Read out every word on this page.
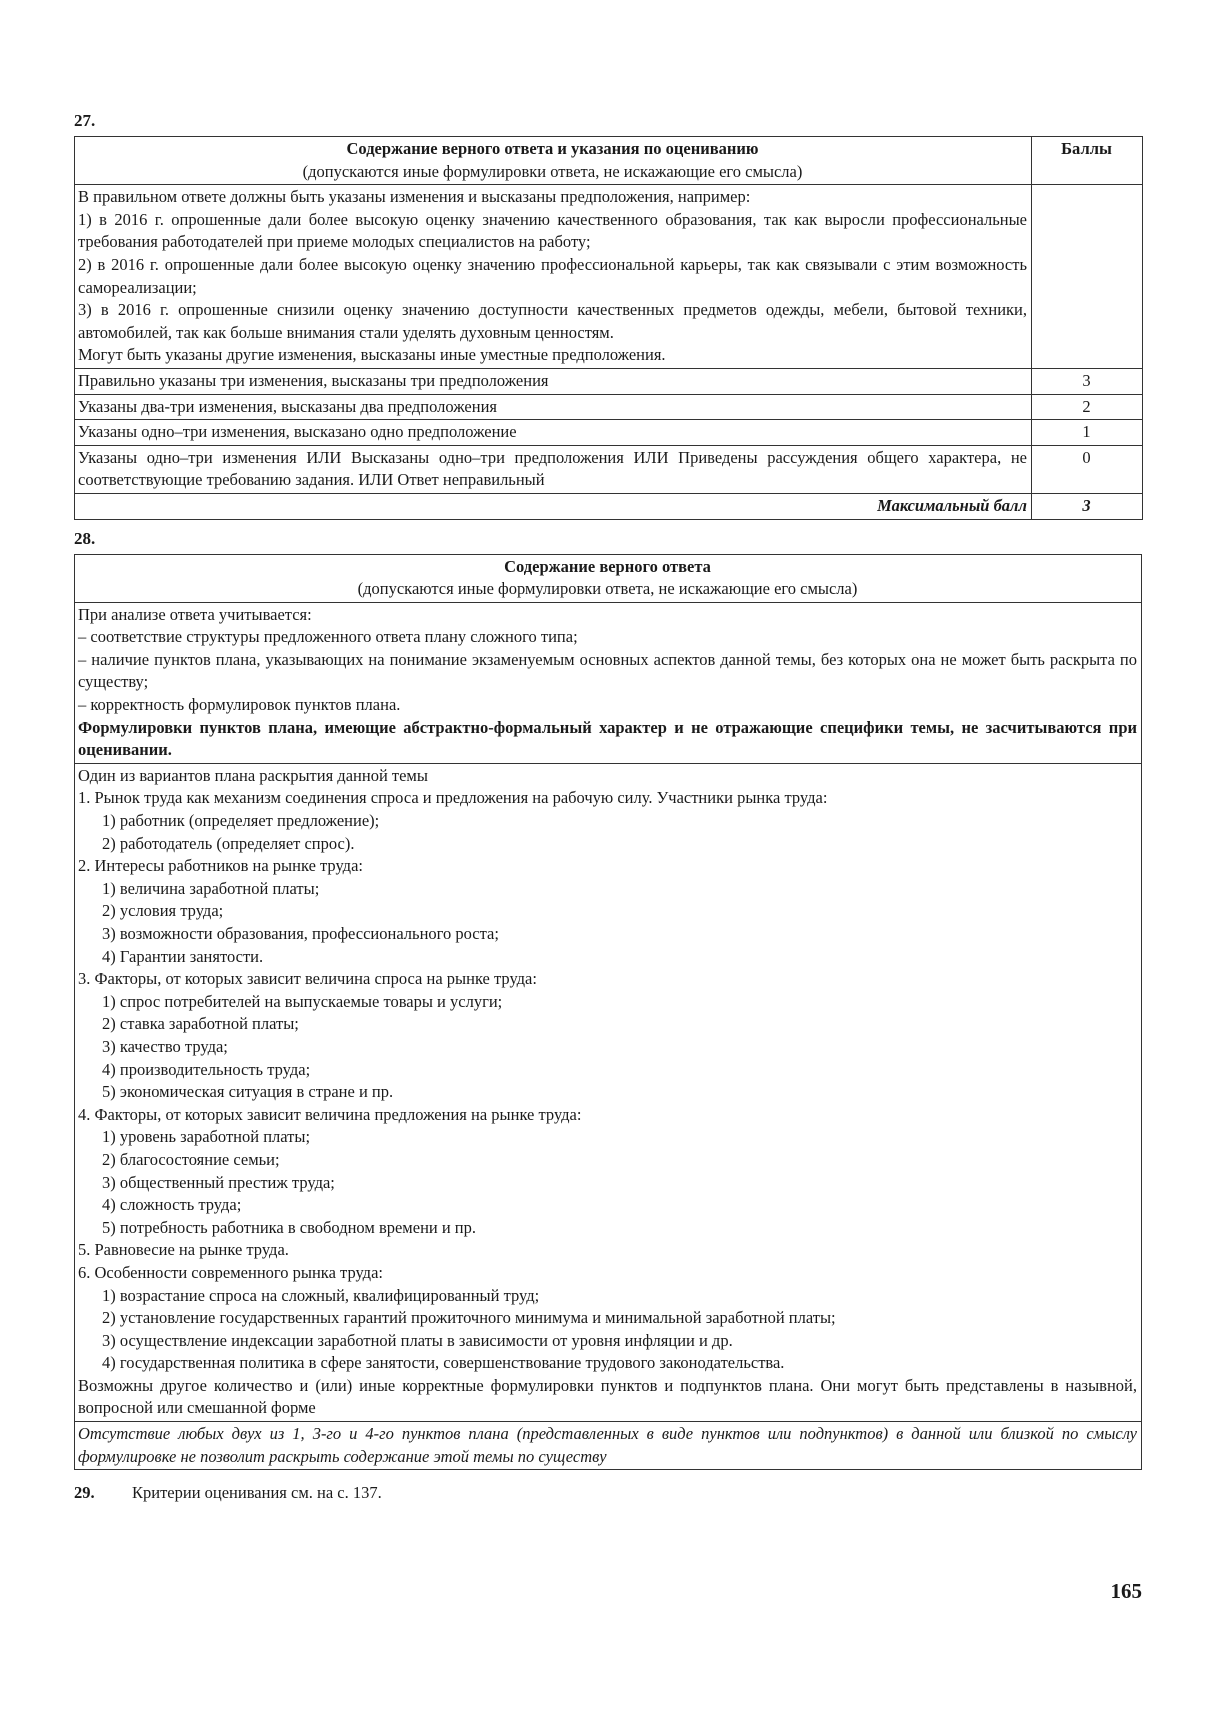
27.
Содержание верного ответа и указания по оцениванию
(допускаются иные формулировки ответа, не искажающие его смысла)	Баллы

В правильном ответе должны быть указаны изменения и высказаны предположения, например:
1) в 2016 г. опрошенные дали более высокую оценку значению качественного образования, так как выросли профессиональные требования работодателей при приеме молодых специалистов на работу;
2) в 2016 г. опрошенные дали более высокую оценку значению профессиональной карьеры, так как связывали с этим возможность самореализации;
3) в 2016 г. опрошенные снизили оценку значению доступности качественных предметов одежды, мебели, бытовой техники, автомобилей, так как больше внимания стали уделять духовным ценностям.
Могут быть указаны другие изменения, высказаны иные уместные предположения.	

Правильно указаны три изменения, высказаны три предположения	3
Указаны два-три изменения, высказаны два предположения	2
Указаны одно–три изменения, высказано одно предположение	1
Указаны одно–три изменения ИЛИ Высказаны одно–три предположения ИЛИ Приведены рассуждения общего характера, не соответствующие требованию задания. ИЛИ Ответ неправильный	0
Максимальный балл	3
28.
Содержание верного ответа
(допускаются иные формулировки ответа, не искажающие его смысла)

При анализе ответа учитывается:
– соответствие структуры предложенного ответа плану сложного типа;
– наличие пунктов плана, указывающих на понимание экзаменуемым основных аспектов данной темы, без которых она не может быть раскрыта по существу;
– корректность формулировок пунктов плана.
Формулировки пунктов плана, имеющие абстрактно-формальный характер и не отражающие специфики темы, не засчитываются при оценивании.

Один из вариантов плана раскрытия данной темы
1. Рынок труда как механизм соединения спроса и предложения на рабочую силу. Участники рынка труда:
1) работник (определяет предложение);
2) работодатель (определяет спрос).
2. Интересы работников на рынке труда:
1) величина заработной платы;
2) условия труда;
3) возможности образования, профессионального роста;
4) Гарантии занятости.
3. Факторы, от которых зависит величина спроса на рынке труда:
1) спрос потребителей на выпускаемые товары и услуги;
2) ставка заработной платы;
3) качество труда;
4) производительность труда;
5) экономическая ситуация в стране и пр.
4. Факторы, от которых зависит величина предложения на рынке труда:
1) уровень заработной платы;
2) благосостояние семьи;
3) общественный престиж труда;
4) сложность труда;
5) потребность работника в свободном времени и пр.
5. Равновесие на рынке труда.
6. Особенности современного рынка труда:
1) возрастание спроса на сложный, квалифицированный труд;
2) установление государственных гарантий прожиточного минимума и минимальной заработной платы;
3) осуществление индексации заработной платы в зависимости от уровня инфляции и др.
4) государственная политика в сфере занятости, совершенствование трудового законодательства.
Возможны другое количество и (или) иные корректные формулировки пунктов и подпунктов плана. Они могут быть представлены в назывной, вопросной или смешанной форме

Отсутствие любых двух из 1, 3-го и 4-го пунктов плана (представленных в виде пунктов или подпунктов) в данной или близкой по смыслу формулировке не позволит раскрыть содержание этой темы по существу
29. Критерии оценивания см. на с. 137.
165
